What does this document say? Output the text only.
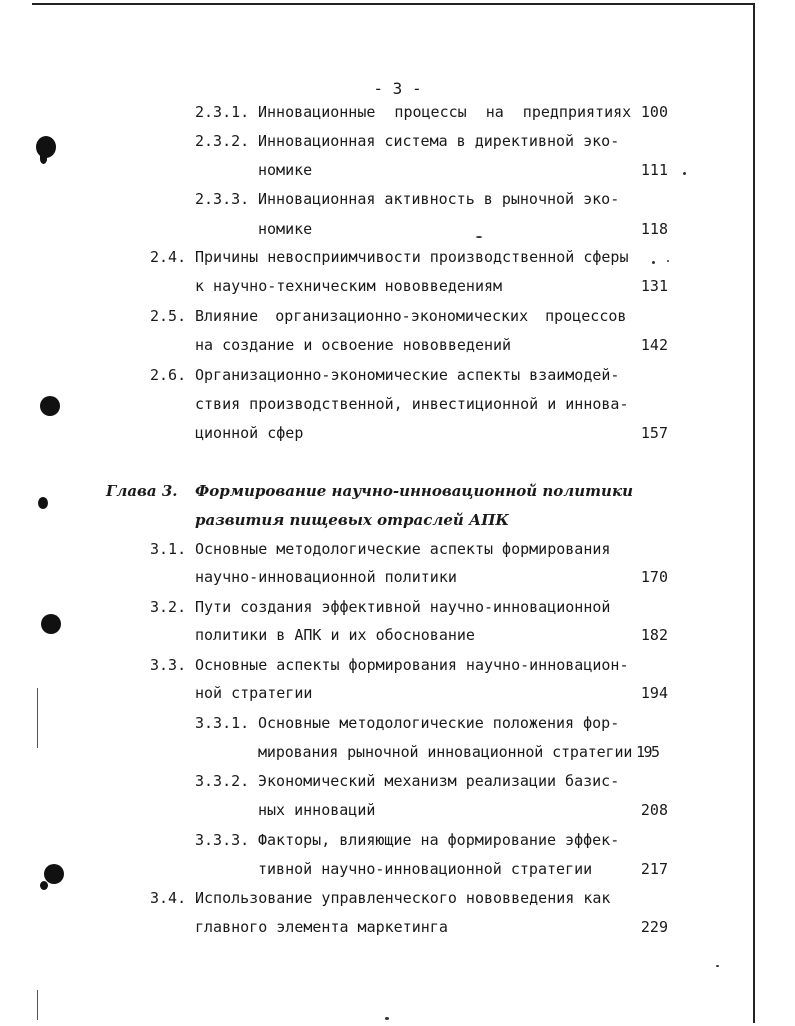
- 3 -
2.3.1. Инновационные процессы на предприятиях 100
2.3.2. Инновационная система в директивной эко-
номике	111
2.3.3. Инновационная активность в рыночной эко-
номике	118
2.4. Причины невосприимчивости производственной сферы
к научно-техническим нововведениям	131
2.5. Влияние организационно-экономических процессов
на создание и освоение нововведений	142
2.6. Организационно-экономические аспекты взаимодей-
ствия производственной, инвестиционной и иннова-
ционной сфер	157
Глава 3. Формирование научно-инновационной политики
развития пищевых отраслей АПК
3.1. Основные методологические аспекты формирования
научно-инновационной политики	170
3.2. Пути создания эффективной научно-инновационной
политики в АПК и их обоснование	182
3.3. Основные аспекты формирования научно-инновацион-
ной стратегии	194
3.3.1. Основные методологические положения фор-
мирования рыночной инновационной стратегии 195
3.3.2. Экономический механизм реализации базис-
ных инноваций	208
3.3.3. Факторы, влияющие на формирование эффек-
тивной научно-инновационной стратегии	217
3.4. Использование управленческого нововведения как
главного элемента маркетинга	229
